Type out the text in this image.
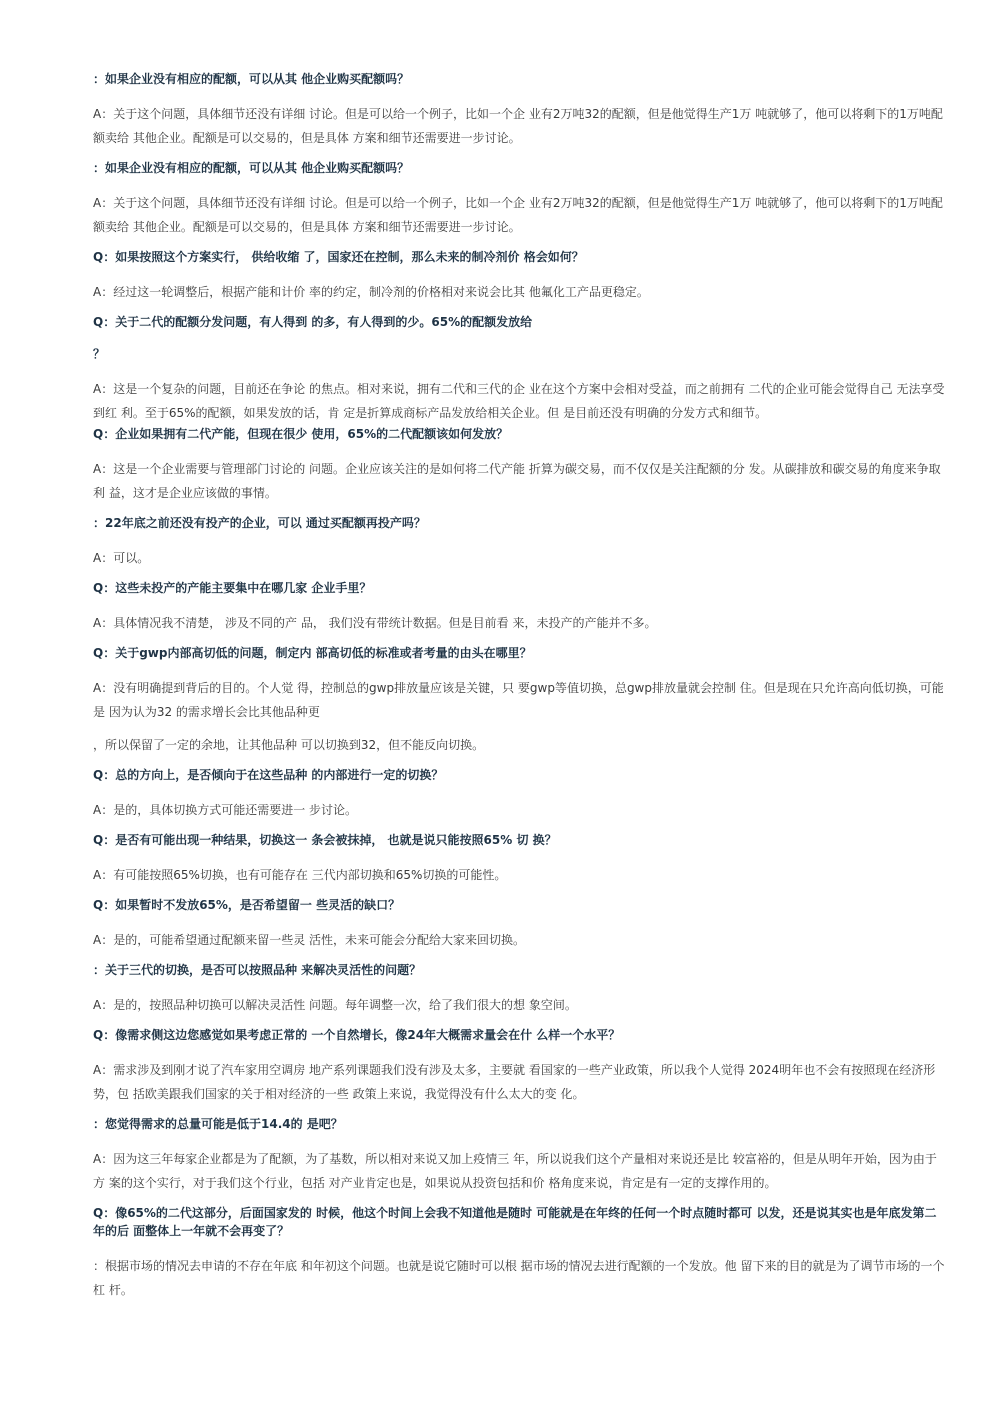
：如果企业没有相应的配额，可以从其 他企业购买配额吗？

A：关于这个问题，具体细节还没有详细 讨论。但是可以给一个例子，比如一个企 业有2万吨32的配额，但是他觉得生产1万 吨就够了，他可以将剩下的1万吨配额卖给 其他企业。配额是可以交易的，但是具体 方案和细节还需要进一步讨论。

：如果企业没有相应的配额，可以从其 他企业购买配额吗？

A：关于这个问题，具体细节还没有详细 讨论。但是可以给一个例子，比如一个企 业有2万吨32的配额，但是他觉得生产1万 吨就够了，他可以将剩下的1万吨配额卖给 其他企业。配额是可以交易的，但是具体 方案和细节还需要进一步讨论。

Q：如果按照这个方案实行， 供给收缩 了，国家还在控制，那么未来的制冷剂价 格会如何？

A：经过这一轮调整后，根据产能和计价 率的约定，制冷剂的价格相对来说会比其 他氟化工产品更稳定。

Q：关于二代的配额分发问题，有人得到 的多，有人得到的少。65%的配额发放给

？

A：这是一个复杂的问题，目前还在争论 的焦点。相对来说，拥有二代和三代的企 业在这个方案中会相对受益，而之前拥有 二代的企业可能会觉得自己 无法享受到红 利。至于65%的配额，如果发放的话，肯 定是折算成商标产品发放给相关企业。但 是目前还没有明确的分发方式和细节。

Q：企业如果拥有二代产能，但现在很少 使用，65%的二代配额该如何发放？

A：这是一个企业需要与管理部门讨论的 问题。企业应该关注的是如何将二代产能 折算为碳交易，而不仅仅是关注配额的分 发。从碳排放和碳交易的角度来争取利 益，这才是企业应该做的事情。

：22年底之前还没有投产的企业，可以 通过买配额再投产吗？

A：可以。

Q：这些未投产的产能主要集中在哪几家 企业手里？

A：具体情况我不清楚， 涉及不同的产 品， 我们没有带统计数据。但是目前看 来，未投产的产能并不多。

Q：关于gwp内部高切低的问题，制定内 部高切低的标准或者考量的由头在哪里？

A：没有明确提到背后的目的。个人觉 得，控制总的gwp排放量应该是关键，只 要gwp等值切换，总gwp排放量就会控制 住。但是现在只允许高向低切换，可能是 因为认为32 的需求增长会比其他品种更

，所以保留了一定的余地，让其他品种 可以切换到32，但不能反向切换。

Q：总的方向上，是否倾向于在这些品种 的内部进行一定的切换？

A：是的，具体切换方式可能还需要进一 步讨论。

Q：是否有可能出现一种结果，切换这一 条会被抹掉， 也就是说只能按照65% 切 换？

A：有可能按照65%切换，也有可能存在 三代内部切换和65%切换的可能性。

Q：如果暂时不发放65%，是否希望留一 些灵活的缺口？

A：是的，可能希望通过配额来留一些灵 活性，未来可能会分配给大家来回切换。

：关于三代的切换，是否可以按照品种 来解决灵活性的问题？

A：是的，按照品种切换可以解决灵活性 问题。每年调整一次，给了我们很大的想 象空间。

Q：像需求侧这边您感觉如果考虑正常的 一个自然增长，像24年大概需求量会在什 么样一个水平？

A：需求涉及到刚才说了汽车家用空调房 地产系列课题我们没有涉及太多，主要就 看国家的一些产业政策，所以我个人觉得 2024明年也不会有按照现在经济形势，包 括欧美跟我们国家的关于相对经济的一些 政策上来说，我觉得没有什么太大的变 化。

：您觉得需求的总量可能是低于14.4的 是吧？

A：因为这三年每家企业都是为了配额，为了基数，所以相对来说又加上疫情三 年，所以说我们这个产量相对来说还是比 较富裕的，但是从明年开始，因为由于方 案的这个实行，对于我们这个行业，包括 对产业肯定也是，如果说从投资包括和价 格角度来说，肯定是有一定的支撑作用的。

Q：像65%的二代这部分，后面国家发的 时候，他这个时间上会我不知道他是随时 可能就是在年终的任何一个时点随时都可 以发，还是说其实也是年底发第二年的后 面整体上一年就不会再变了？

：根据市场的情况去申请的不存在年底 和年初这个问题。也就是说它随时可以根 据市场的情况去进行配额的一个发放。他 留下来的目的就是为了调节市场的一个杠 杆。
